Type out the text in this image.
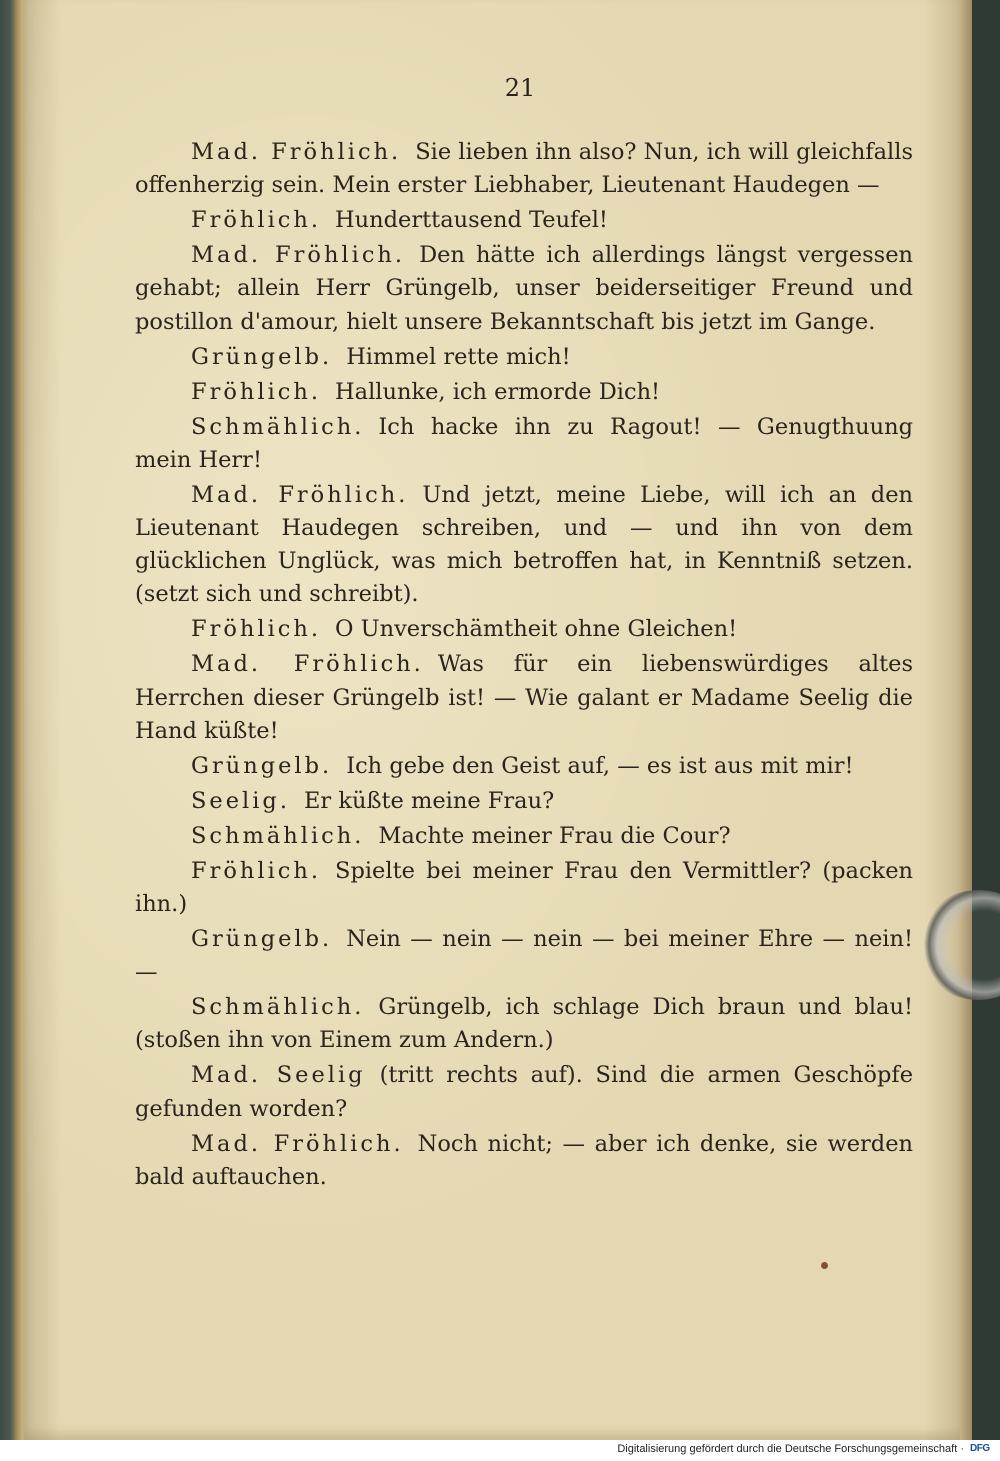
21

Mad. Fröhlich. Sie lieben ihn also? Nun, ich will gleichfalls offenherzig sein. Mein erster Liebhaber, Lieutenant Haudegen —

Fröhlich. Hunderttausend Teufel!

Mad. Fröhlich. Den hätte ich allerdings längst vergessen gehabt; allein Herr Grüngelb, unser beiderseitiger Freund und postillon d'amour, hielt unsere Bekanntschaft bis jetzt im Gange.

Grüngelb. Himmel rette mich!

Fröhlich. Hallunke, ich ermorde Dich!

Schmählich. Ich hacke ihn zu Ragout! — Genugthuung mein Herr!

Mad. Fröhlich. Und jetzt, meine Liebe, will ich an den Lieutenant Haudegen schreiben, und — und ihn von dem glücklichen Unglück, was mich betroffen hat, in Kenntniß setzen. (setzt sich und schreibt).

Fröhlich. O Unverschämtheit ohne Gleichen!

Mad. Fröhlich. Was für ein liebenswürdiges altes Herrchen dieser Grüngelb ist! — Wie galant er Madame Seelig die Hand küßte!

Grüngelb. Ich gebe den Geist auf, — es ist aus mit mir!

Seelig. Er küßte meine Frau?

Schmählich. Machte meiner Frau die Cour?

Fröhlich. Spielte bei meiner Frau den Vermittler? (packen ihn.)

Grüngelb. Nein — nein — nein — bei meiner Ehre — nein! —

Schmählich. Grüngelb, ich schlage Dich braun und blau! (stoßen ihn von Einem zum Andern.)

Mad. Seelig (tritt rechts auf). Sind die armen Geschöpfe gefunden worden?

Mad. Fröhlich. Noch nicht; — aber ich denke, sie werden bald auftauchen.

Digitalisierung gefördert durch die Deutsche Forschungsgemeinschaft · DFG
